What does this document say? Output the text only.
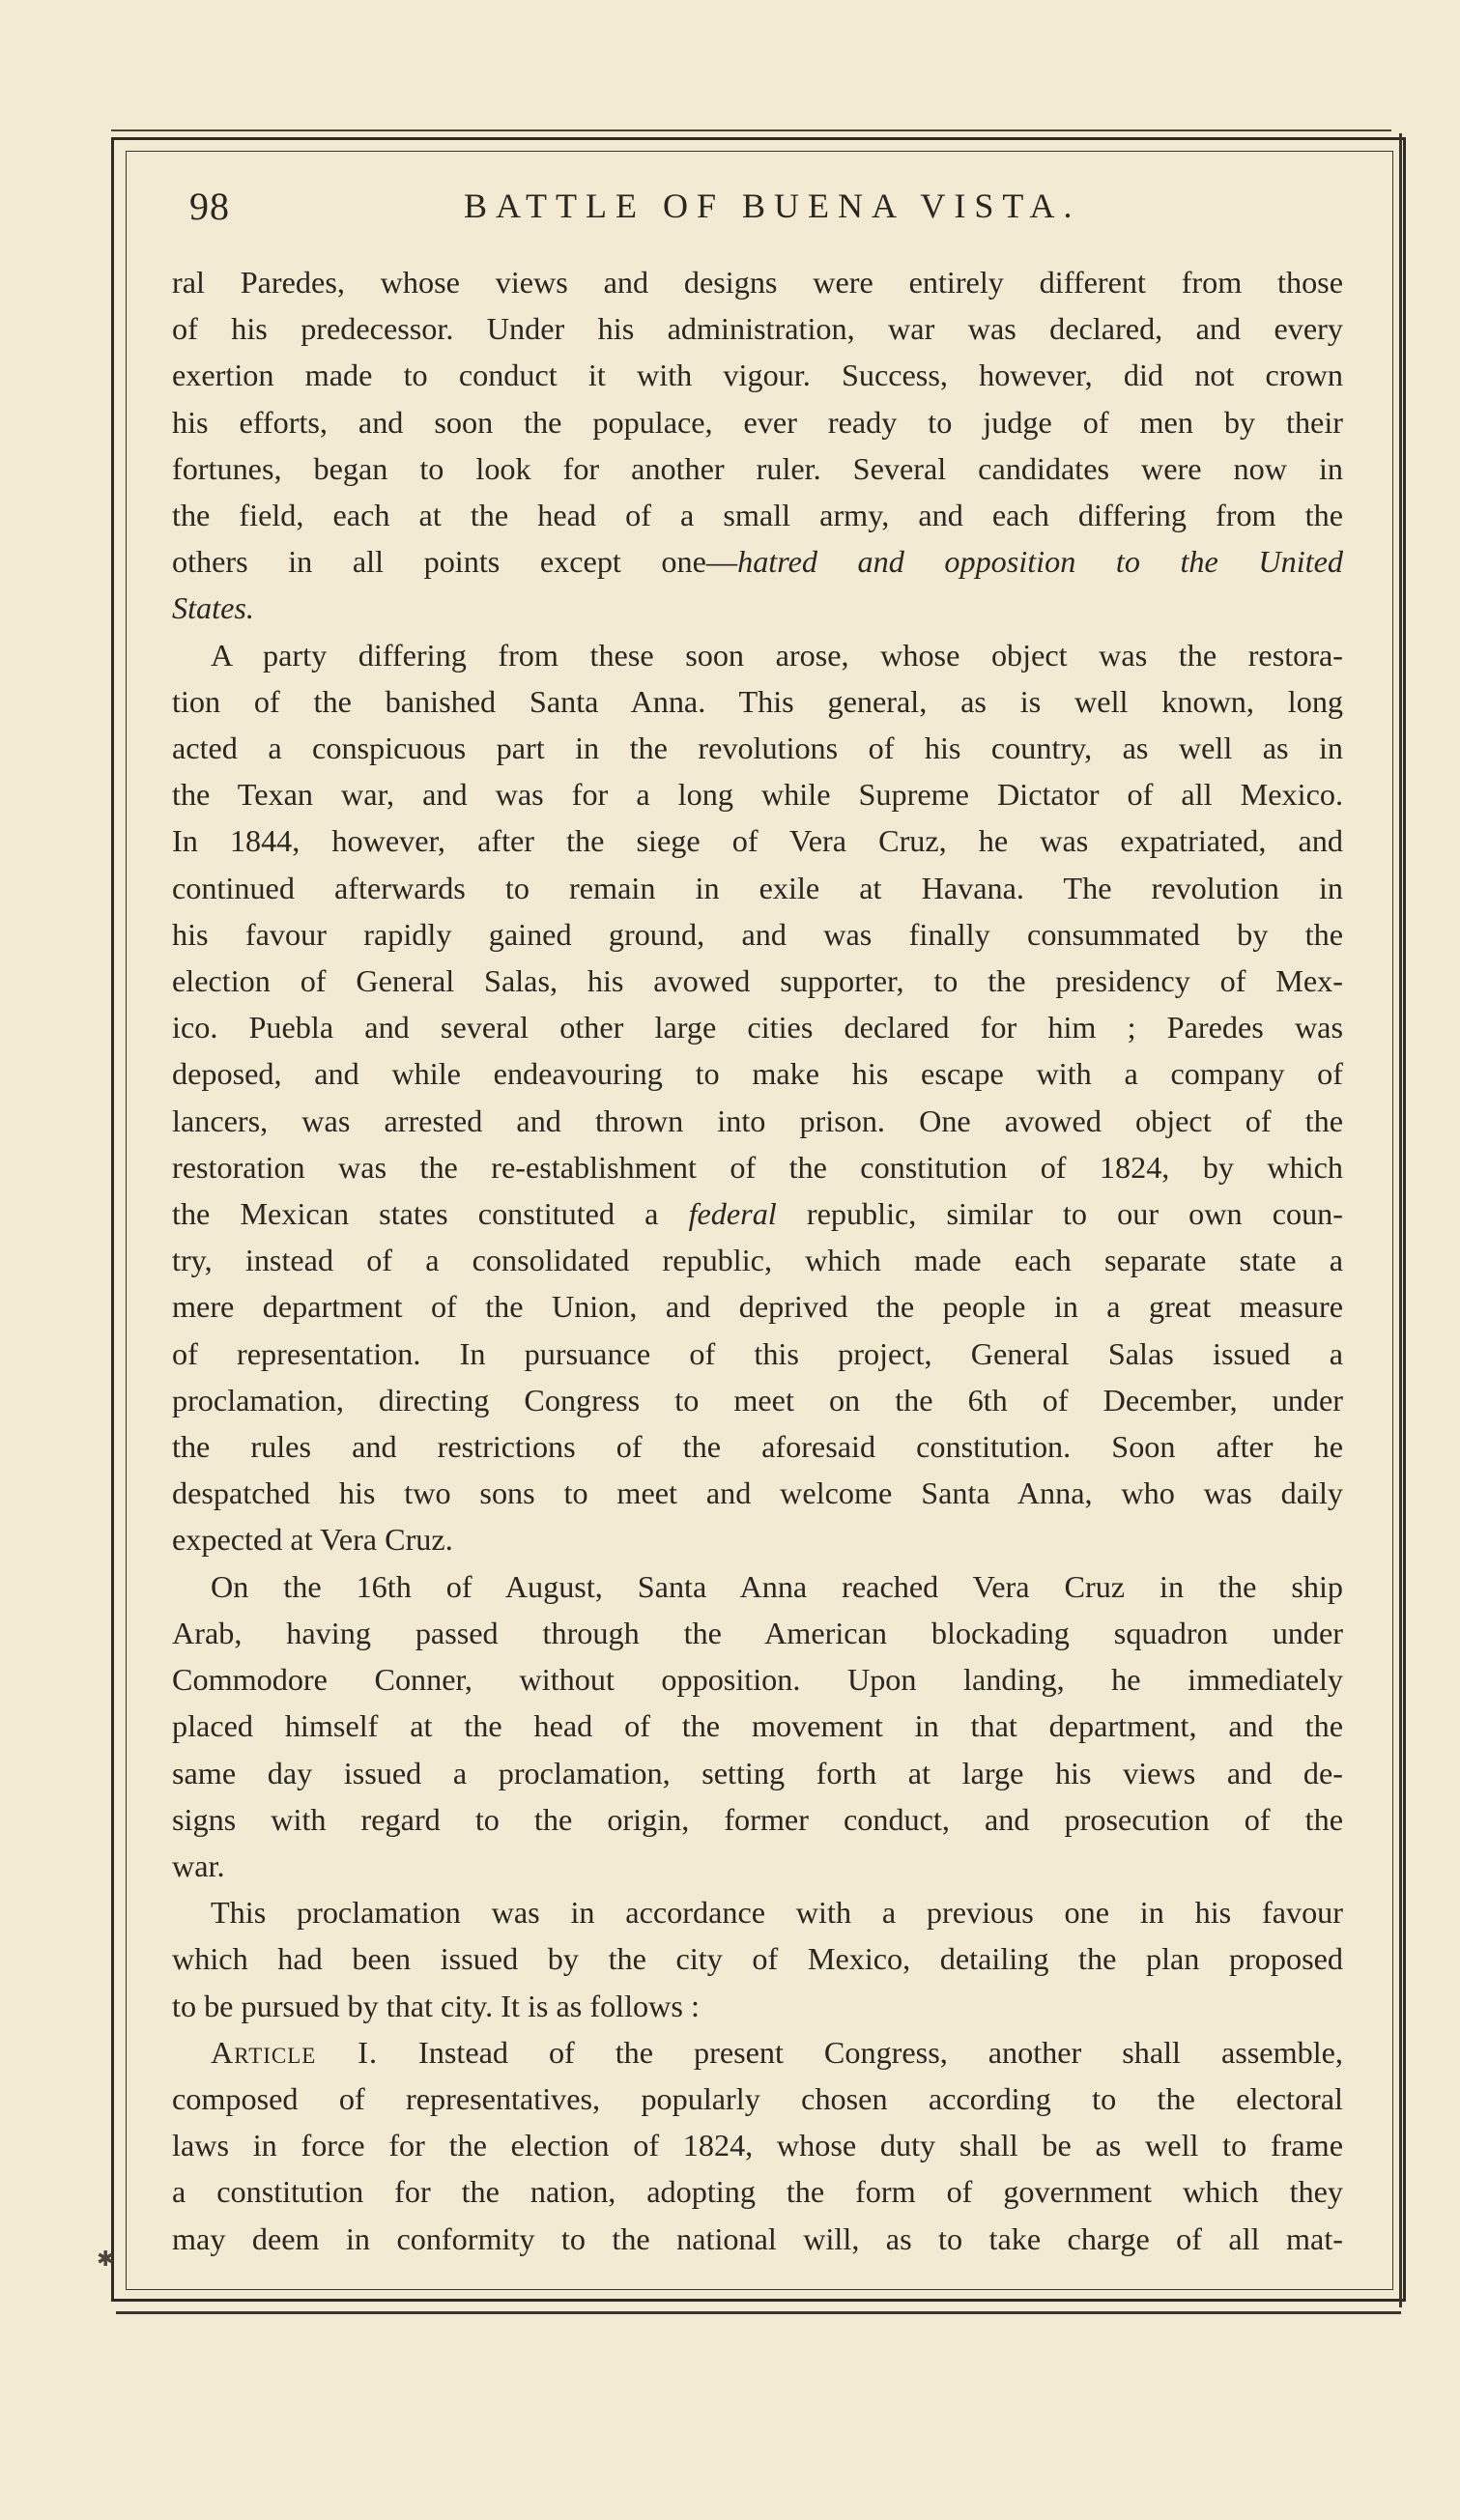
98	BATTLE OF BUENA VISTA.
ral Paredes, whose views and designs were entirely different from those
of his predecessor. Under his administration, war was declared, and every
exertion made to conduct it with vigour. Success, however, did not crown
his efforts, and soon the populace, ever ready to judge of men by their
fortunes, began to look for another ruler. Several candidates were now in
the field, each at the head of a small army, and each differing from the
others in all points except one—hatred and opposition to the United
States.
A party differing from these soon arose, whose object was the restora-
tion of the banished Santa Anna. This general, as is well known, long
acted a conspicuous part in the revolutions of his country, as well as in
the Texan war, and was for a long while Supreme Dictator of all Mexico.
In 1844, however, after the siege of Vera Cruz, he was expatriated, and
continued afterwards to remain in exile at Havana. The revolution in
his favour rapidly gained ground, and was finally consummated by the
election of General Salas, his avowed supporter, to the presidency of Mex-
ico. Puebla and several other large cities declared for him ; Paredes was
deposed, and while endeavouring to make his escape with a company of
lancers, was arrested and thrown into prison. One avowed object of the
restoration was the re-establishment of the constitution of 1824, by which
the Mexican states constituted a federal republic, similar to our own coun-
try, instead of a consolidated republic, which made each separate state a
mere department of the Union, and deprived the people in a great measure
of representation. In pursuance of this project, General Salas issued a
proclamation, directing Congress to meet on the 6th of December, under
the rules and restrictions of the aforesaid constitution. Soon after he
despatched his two sons to meet and welcome Santa Anna, who was daily
expected at Vera Cruz.
On the 16th of August, Santa Anna reached Vera Cruz in the ship
Arab, having passed through the American blockading squadron under
Commodore Conner, without opposition. Upon landing, he immediately
placed himself at the head of the movement in that department, and the
same day issued a proclamation, setting forth at large his views and de-
signs with regard to the origin, former conduct, and prosecution of the
war.
This proclamation was in accordance with a previous one in his favour
which had been issued by the city of Mexico, detailing the plan proposed
to be pursued by that city. It is as follows :
Article I. Instead of the present Congress, another shall assemble,
composed of representatives, popularly chosen according to the electoral
laws in force for the election of 1824, whose duty shall be as well to frame
a constitution for the nation, adopting the form of government which they
may deem in conformity to the national will, as to take charge of all mat-
✱
